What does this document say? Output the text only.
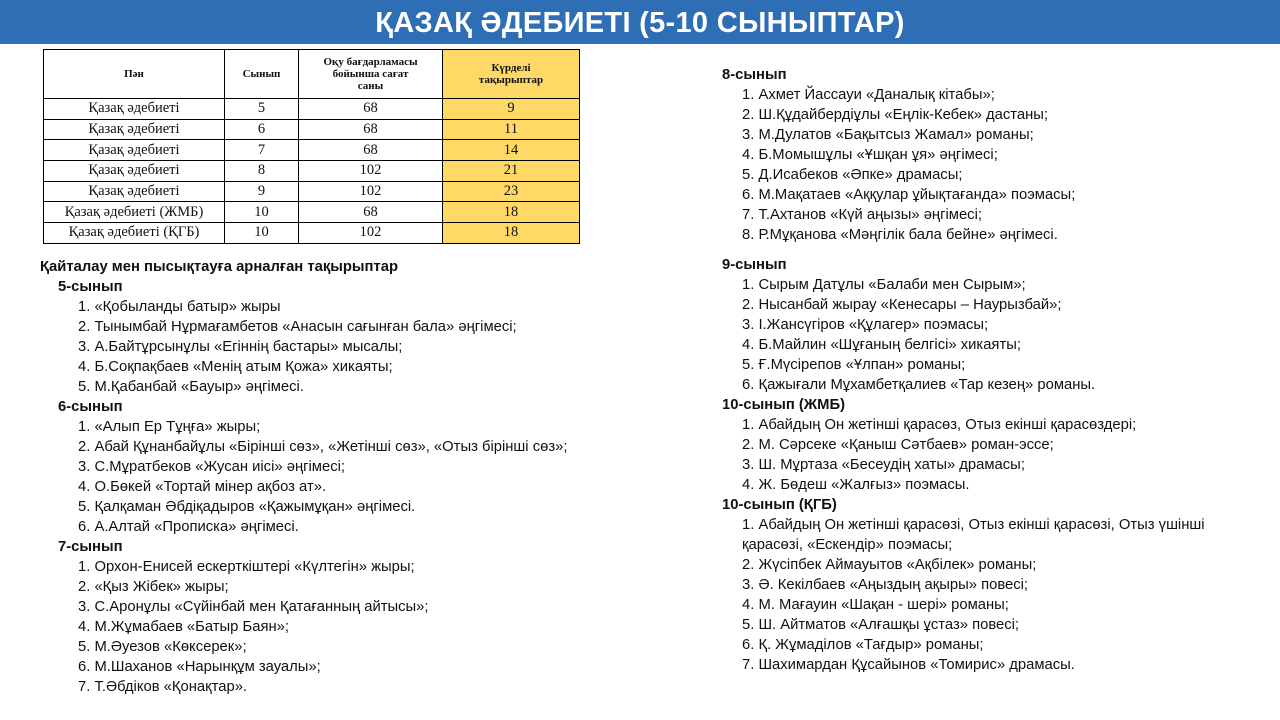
ҚАЗАҚ ӘДЕБИЕТІ (5-10 СЫНЫПТАР)
Пән	Сынып	Оқу бағдарламасы бойынша сағат саны	Күрделі тақырыптар

Қазақ әдебиеті	5	68	9
Қазақ әдебиеті	6	68	11
Қазақ әдебиеті	7	68	14
Қазақ әдебиеті	8	102	21
Қазақ әдебиеті	9	102	23
Қазақ әдебиеті (ЖМБ)	10	68	18
Қазақ әдебиеті (ҚГБ)	10	102	18
Қайталау мен пысықтауға арналған тақырыптар
5-сынып
1. «Қобыланды батыр» жыры
2. Тынымбай Нұрмағамбетов «Анасын сағынған бала» әңгімесі;
3. А.Байтұрсынұлы «Егіннің бастары» мысалы;
4. Б.Соқпақбаев «Менің атым Қожа» хикаяты;
5. М.Қабанбай «Бауыр» әңгімесі.
6-сынып
1. «Алып Ер Тұңға» жыры;
2. Абай Құнанбайұлы «Бірінші сөз», «Жетінші сөз», «Отыз бірінші сөз»;
3. С.Мұратбеков «Жусан иісі» әңгімесі;
4. О.Бөкей «Тортай мінер ақбоз ат».
5. Қалқаман Әбдіқадыров «Қажымұқан» әңгімесі.
6. А.Алтай «Прописка» әңгімесі.
7-сынып
1. Орхон-Енисей ескерткіштері «Күлтегін» жыры;
2. «Қыз Жібек» жыры;
3. С.Аронұлы «Сүйінбай мен Қатағанның айтысы»;
4. М.Жұмабаев «Батыр Баян»;
5. М.Әуезов «Көксерек»;
6. М.Шаханов «Нарынқұм зауалы»;
7. Т.Әбдіков «Қонақтар».
8-сынып
1. Ахмет Йассауи «Даналық кітабы»;
2. Ш.Құдайбердіұлы «Еңлік-Кебек» дастаны;
3. М.Дулатов «Бақытсыз Жамал» романы;
4. Б.Момышұлы «Ұшқан ұя» әңгімесі;
5. Д.Исабеков «Әпке» драмасы;
6. М.Мақатаев «Аққулар ұйықтағанда» поэмасы;
7. Т.Ахтанов «Күй аңызы» әңгімесі;
8. Р.Мұқанова «Мәңгілік бала бейне» әңгімесі.
9-сынып
1. Сырым Датұлы «Балаби мен Сырым»;
2. Нысанбай жырау «Кенесары – Наурызбай»;
3. І.Жансүгіров «Құлагер» поэмасы;
4. Б.Майлин «Шұғаның белгісі» хикаяты;
5. Ғ.Мүсірепов «Ұлпан» романы;
6. Қажығали Мұхамбетқалиев «Тар кезең» романы.
10-сынып (ЖМБ)
1. Абайдың Он жетінші қарасөз, Отыз екінші қарасөздері;
2. М. Сәрсеке «Қаныш Сәтбаев» роман-эссе;
3. Ш. Мұртаза «Бесеудің хаты» драмасы;
4. Ж. Бөдеш «Жалғыз» поэмасы.
10-сынып (ҚГБ)
1. Абайдың Он жетінші қарасөзі, Отыз екінші қарасөзі, Отыз үшінші қарасөзі, «Ескендір» поэмасы;
2. Жүсіпбек Аймауытов «Ақбілек» романы;
3. Ә. Кекілбаев «Аңыздың ақыры» повесі;
4. М. Мағауин «Шақан - шері» романы;
5. Ш. Айтматов «Алғашқы ұстаз» повесі;
6. Қ. Жұмаділов «Тағдыр» романы;
7. Шахимардан Құсайынов «Томирис» драмасы.
